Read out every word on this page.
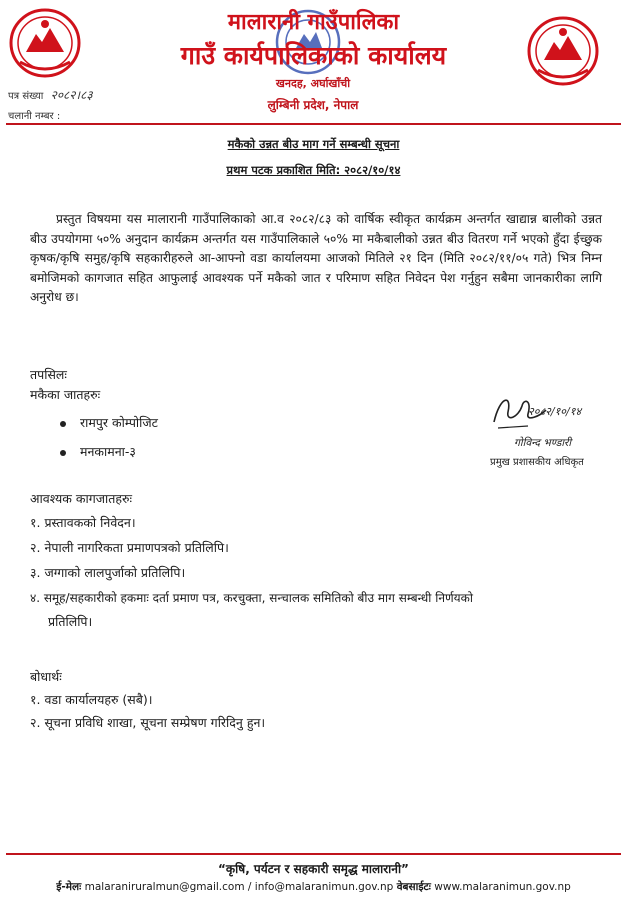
मालारानी गाउँपालिका
गाउँ कार्यपालिकाको कार्यालय
खनदह, अर्घाखाँची
लुम्बिनी प्रदेश, नेपाल
पत्र संख्या २०८२।८३
चलानी नम्बर :
मकैको उन्नत बीउ माग गर्ने सम्बन्धी सूचना
प्रथम पटक प्रकाशित मिति: २०८२/१०/१४
प्रस्तुत विषयमा यस मालारानी गाउँपालिकाको आ.व २०८२/८३ को वार्षिक स्वीकृत कार्यक्रम अन्तर्गत खाद्यान्न बालीको उन्नत बीउ उपयोगमा ५०% अनुदान कार्यक्रम अन्तर्गत यस गाउँपालिकाले ५०% मा मकैबालीको उन्नत बीउ वितरण गर्ने भएको हुँदा ईच्छुक कृषक/कृषि समुह/कृषि सहकारीहरुले आ-आफ्नो वडा कार्यालयमा आजको मितिले २१ दिन (मिति २०८२/११/०५ गते) भित्र निम्न बमोजिमको कागजात सहित आफुलाई आवश्यक पर्ने मकैको जात र परिमाण सहित निवेदन पेश गर्नुहुन सबैमा जानकारीका लागि अनुरोध छ।
तपसिलः
मकैका जातहरुः
रामपुर कोम्पोजिट
मनकामना-३
२०८२/१०/१४
गोविन्द भण्डारी
प्रमुख प्रशासकीय अधिकृत
आवश्यक कागजातहरुः
१. प्रस्तावकको निवेदन।
२. नेपाली नागरिकता प्रमाणपत्रको प्रतिलिपि।
३. जग्गाको लालपुर्जाको प्रतिलिपि।
४. समूह/सहकारीको हकमाः दर्ता प्रमाण पत्र, करचुक्ता, सन्चालक समितिको बीउ माग सम्बन्धी निर्णयको
प्रतिलिपि।
बोधार्थः
१. वडा कार्यालयहरु (सबै)।
२. सूचना प्रविधि शाखा, सूचना सम्प्रेषण गरिदिनु हुन।
“कृषि, पर्यटन र सहकारी समृद्ध मालारानी”
ई-मेलः malaraniruralmun@gmail.com / info@malaranimun.gov.np वेबसाईटः www.malaranimun.gov.np
